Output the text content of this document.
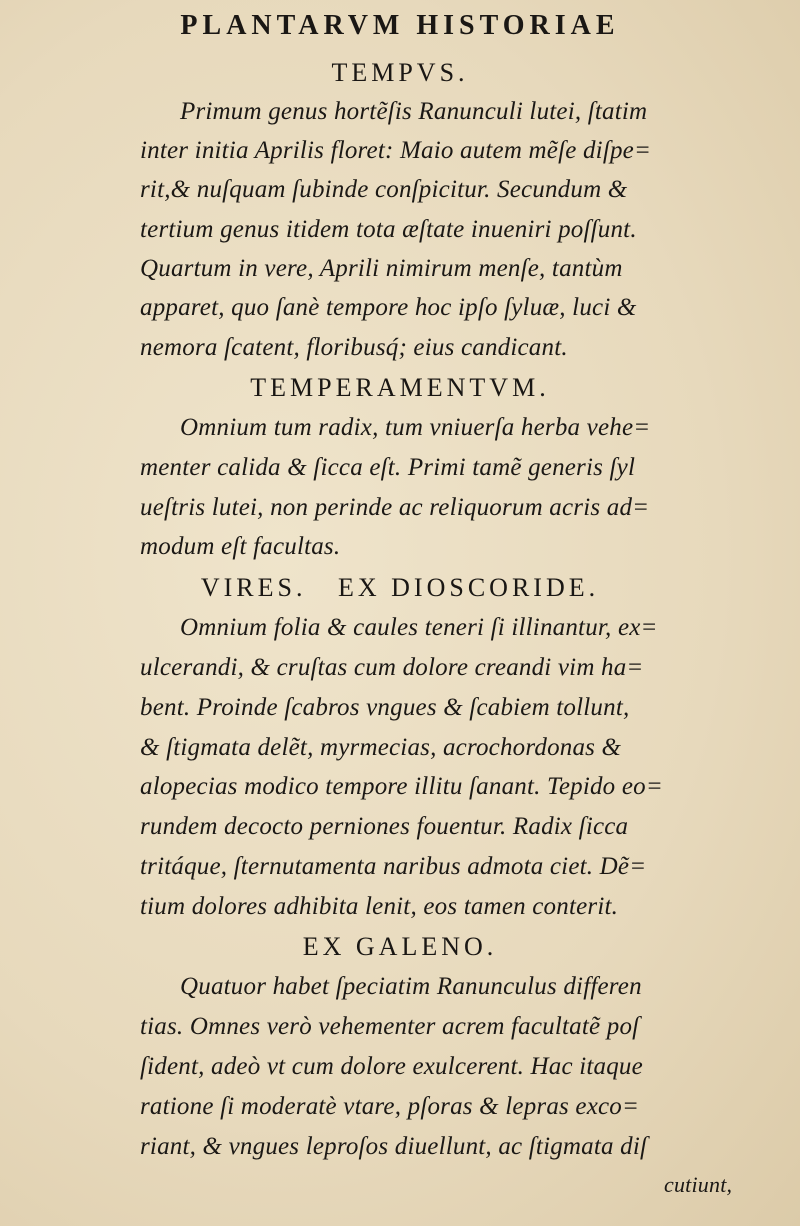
PLANTARVM HISTORIAE
TEMPVS.
Primum genus hortẽſis Ranunculi lutei, ſtatim
inter initia Aprilis floret: Maio autem mẽſe diſpe=
rit,& nuſquam ſubinde conſpicitur. Secundum &
tertium genus itidem tota æſtate inueniri poſſunt.
Quartum in vere, Aprili nimirum menſe, tantùm
apparet, quo ſanè tempore hoc ipſo ſyluæ, luci &
nemora ſcatent, floribusq́; eius candicant.
TEMPERAMENTVM.
Omnium tum radix, tum vniuerſa herba vehe=
menter calida & ſicca eſt. Primi tamẽ generis ſyl
ueſtris lutei, non perinde ac reliquorum acris ad=
modum eſt facultas.
VIRES.   EX DIOSCORIDE.
Omnium folia & caules teneri ſi illinantur, ex=
ulcerandi, & cruſtas cum dolore creandi vim ha=
bent. Proinde ſcabros vngues & ſcabiem tollunt,
& ſtigmata delẽt, myrmecias, acrochordonas &
alopecias modico tempore illitu ſanant. Tepido eo=
rundem decocto perniones fouentur. Radix ſicca
tritáque, ſternutamenta naribus admota ciet. Dẽ=
tium dolores adhibita lenit, eos tamen conterit.
EX GALENO.
Quatuor habet ſpeciatim Ranunculus differen
tias. Omnes verò vehementer acrem facultatẽ poſ
ſident, adeò vt cum dolore exulcerent. Hac itaque
ratione ſi moderatè vtare, pſoras & lepras exco=
riant, & vngues leproſos diuellunt, ac ſtigmata diſ
cutiunt,
